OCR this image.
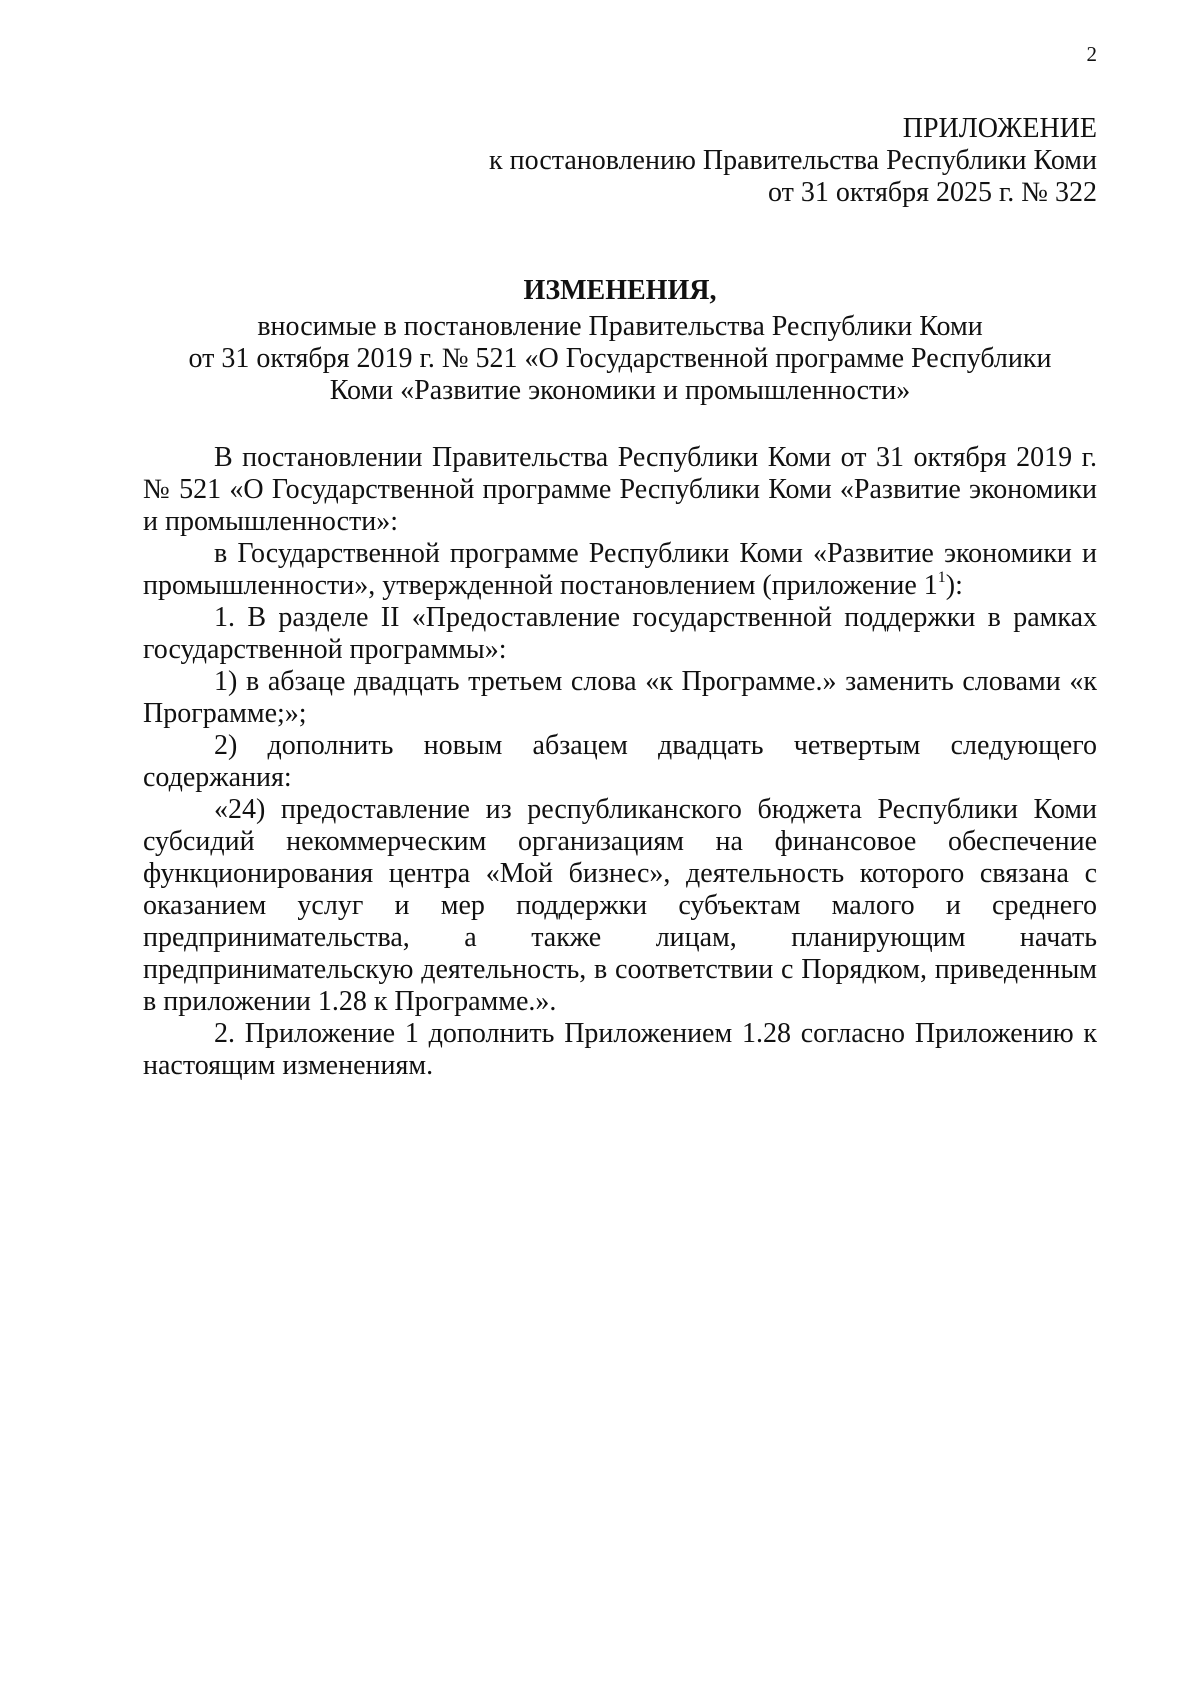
2
ПРИЛОЖЕНИЕ
к постановлению Правительства Республики Коми
от 31 октября 2025 г. № 322
ИЗМЕНЕНИЯ,
вносимые в постановление Правительства Республики Коми
от 31 октября 2019 г. № 521 «О Государственной программе Республики
Коми «Развитие экономики и промышленности»

В постановлении Правительства Республики Коми от 31 октября 2019 г. № 521 «О Государственной программе Республики Коми «Развитие экономики и промышленности»:

в Государственной программе Республики Коми «Развитие экономики и промышленности», утвержденной постановлением (приложение $1^1$):

1. В разделе II «Предоставление государственной поддержки в рамках государственной программы»:

1) в абзаце двадцать третьем слова «к Программе.» заменить словами «к Программе;»;

2) дополнить новым абзацем двадцать четвертым следующего содержания:

«24) предоставление из республиканского бюджета Республики Коми субсидий некоммерческим организациям на финансовое обеспечение функционирования центра «Мой бизнес», деятельность которого связана с оказанием услуг и мер поддержки субъектам малого и среднего предпринимательства, а также лицам, планирующим начать предпринимательскую деятельность, в соответствии с Порядком, приведенным в приложении 1.28 к Программе.».

2. Приложение 1 дополнить Приложением 1.28 согласно Приложению к настоящим изменениям.
